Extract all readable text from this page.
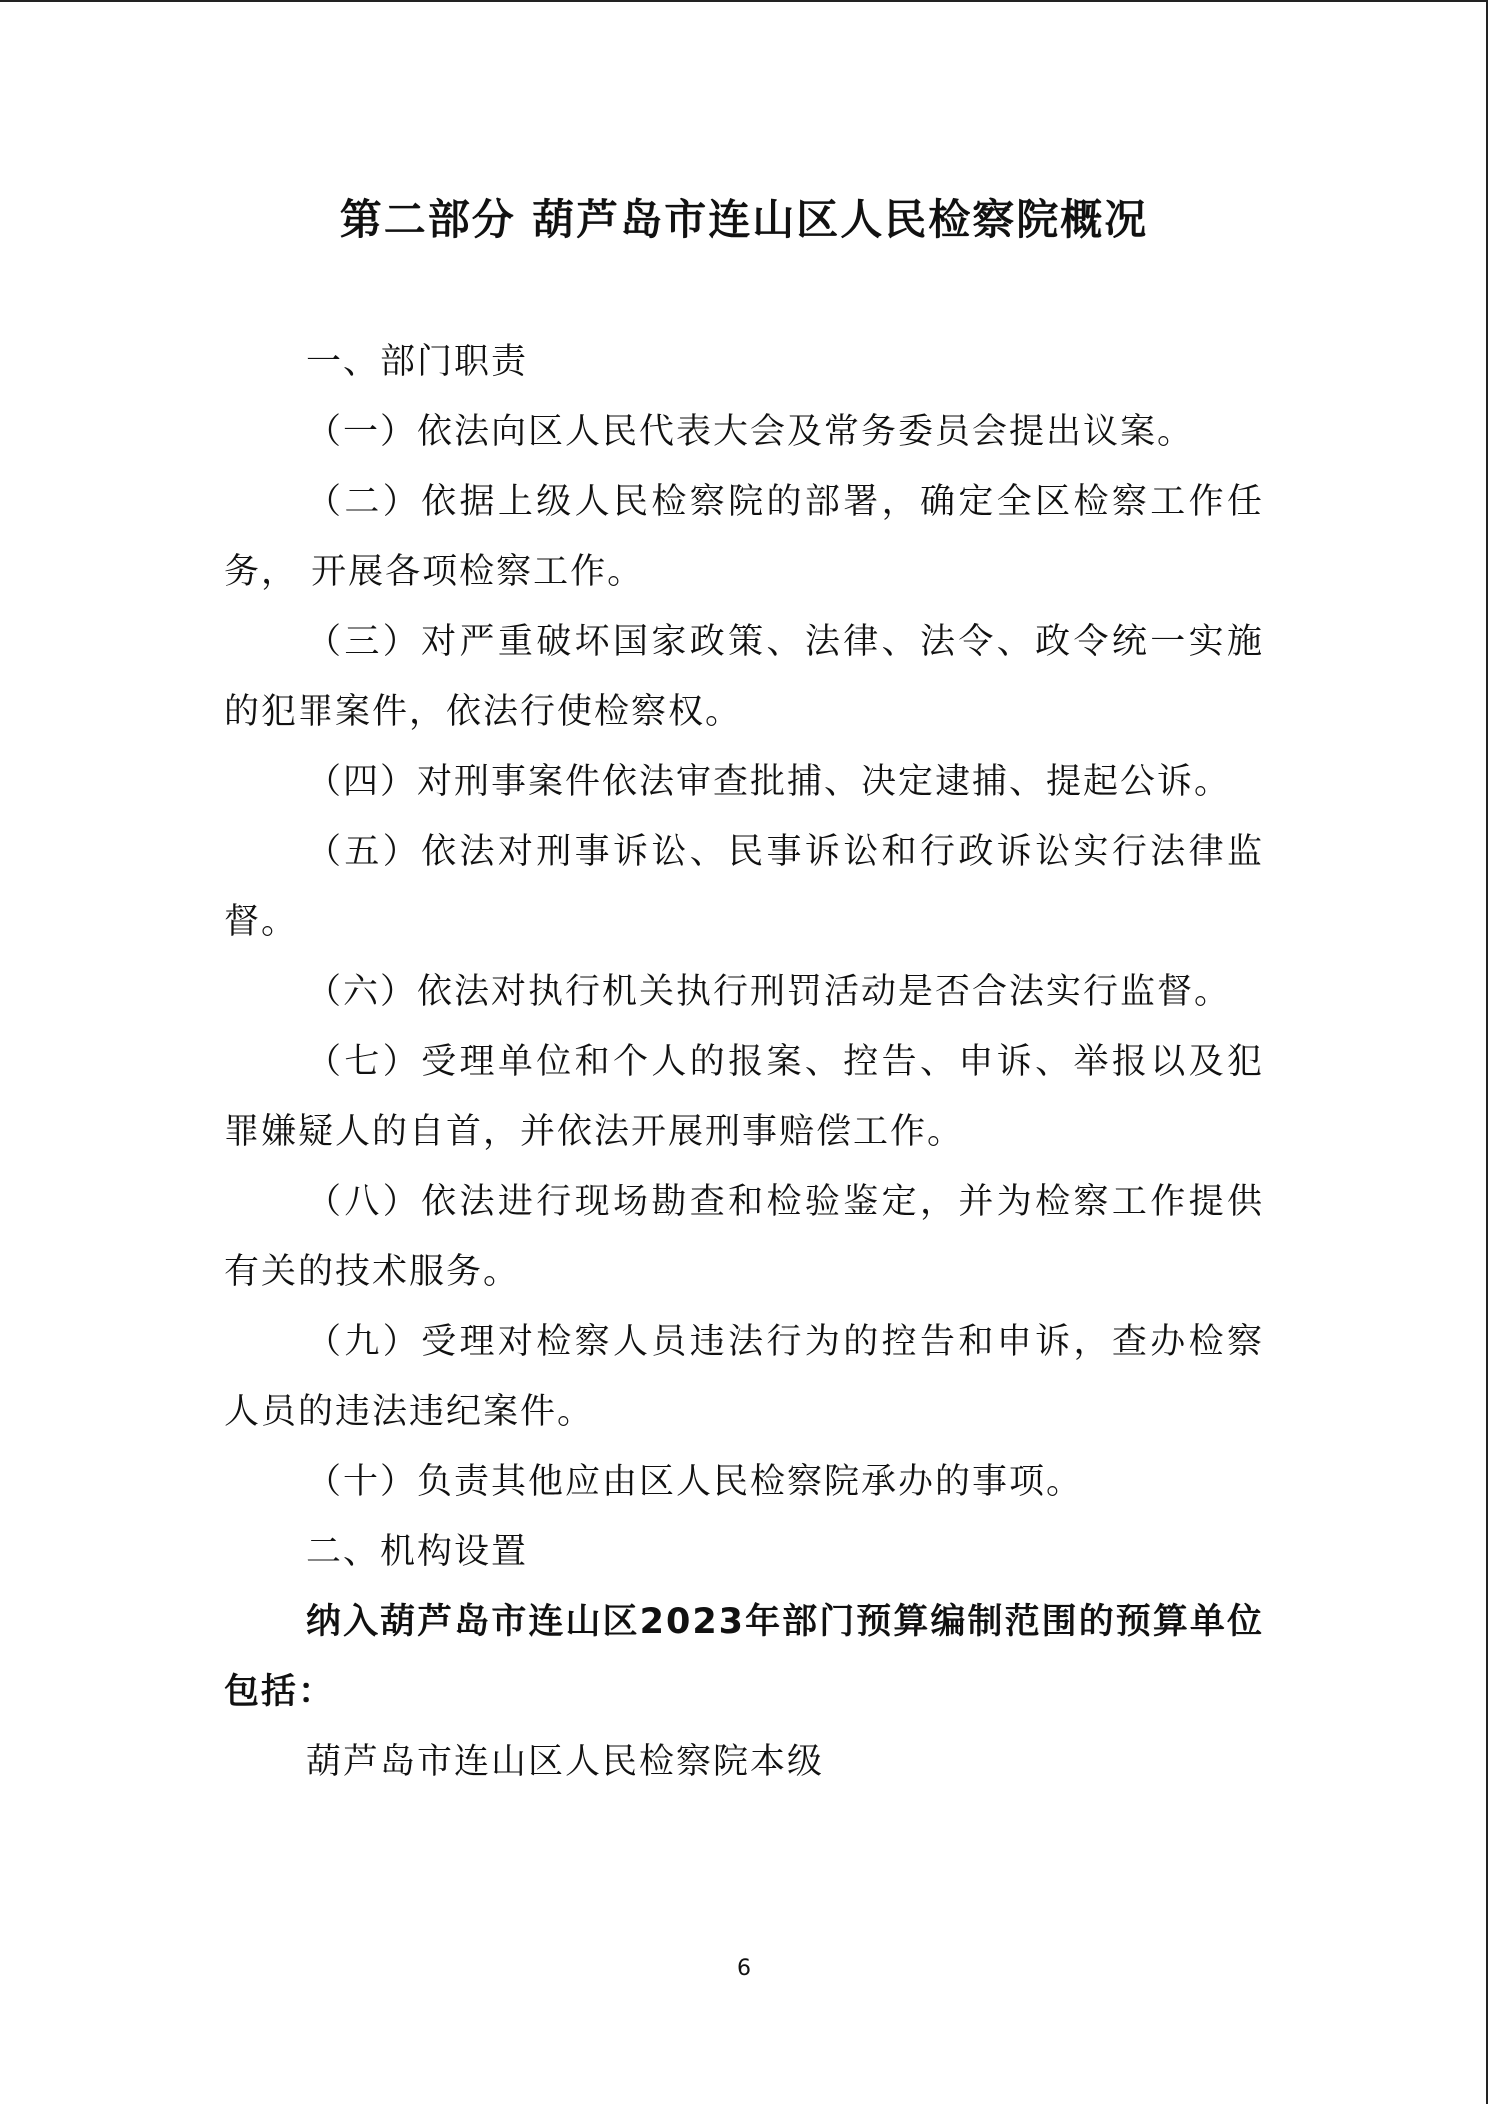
第二部分 葫芦岛市连山区人民检察院概况

一、部门职责

（一）依法向区人民代表大会及常务委员会提出议案。

（二）依据上级人民检察院的部署，确定全区检察工作任务， 开展各项检察工作。

（三）对严重破坏国家政策、法律、法令、政令统一实施的犯罪案件，依法行使检察权。

（四）对刑事案件依法审查批捕、决定逮捕、提起公诉。

（五）依法对刑事诉讼、民事诉讼和行政诉讼实行法律监督。

（六）依法对执行机关执行刑罚活动是否合法实行监督。

（七）受理单位和个人的报案、控告、申诉、举报以及犯罪嫌疑人的自首，并依法开展刑事赔偿工作。

（八）依法进行现场勘查和检验鉴定，并为检察工作提供有关的技术服务。

（九）受理对检察人员违法行为的控告和申诉，查办检察人员的违法违纪案件。

（十）负责其他应由区人民检察院承办的事项。

二、机构设置

纳入葫芦岛市连山区2023年部门预算编制范围的预算单位包括：

葫芦岛市连山区人民检察院本级

6
